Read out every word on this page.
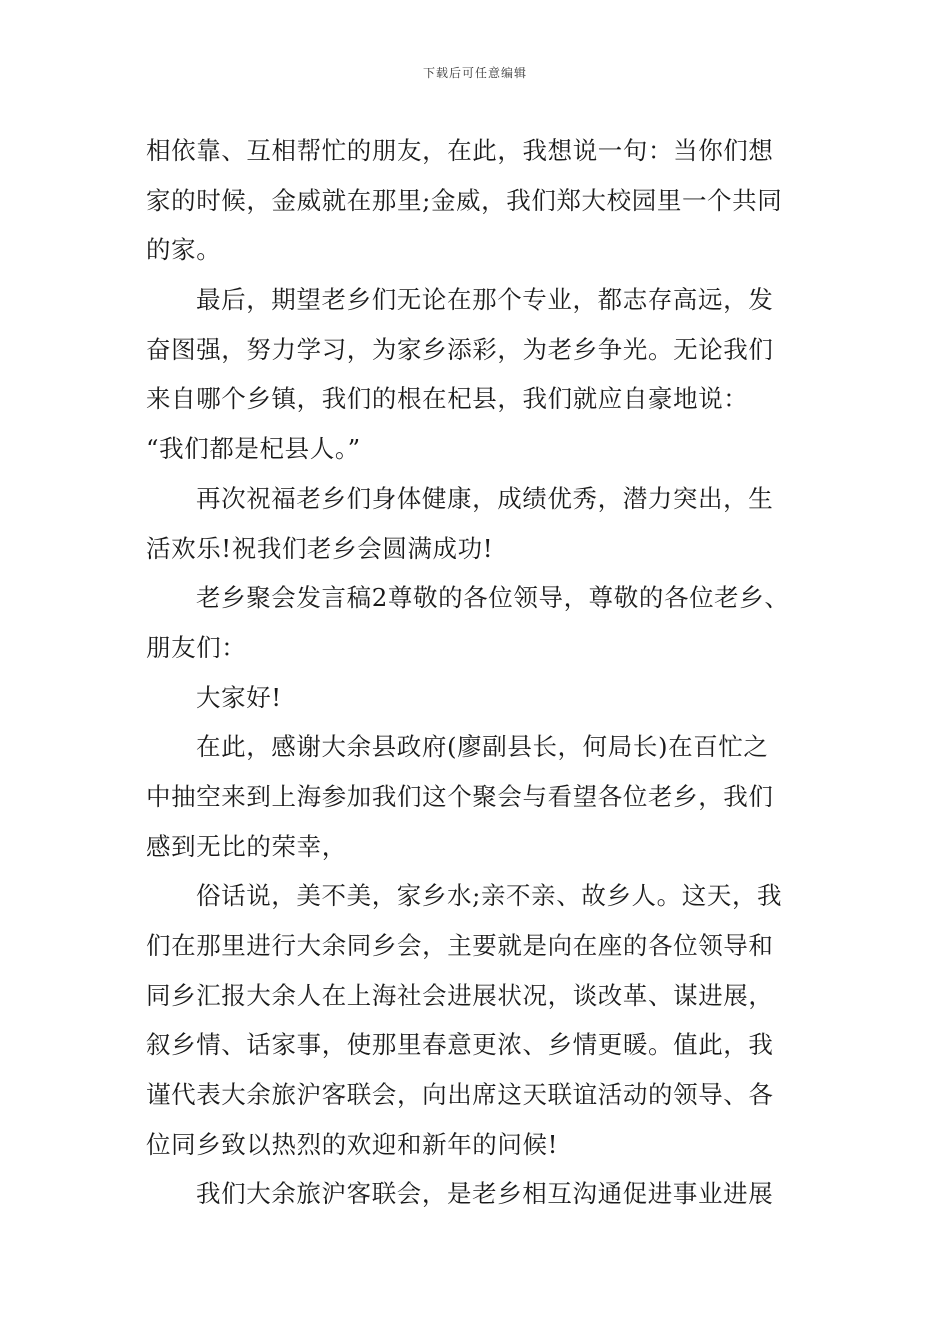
下载后可任意编辑
相依靠、互相帮忙的朋友，在此，我想说一句：当你们想
家的时候，金威就在那里;金威，我们郑大校园里一个共同
的家。
最后，期望老乡们无论在那个专业，都志存高远，发
奋图强，努力学习，为家乡添彩，为老乡争光。无论我们
来自哪个乡镇，我们的根在杞县，我们就应自豪地说：
“我们都是杞县人。”
再次祝福老乡们身体健康，成绩优秀，潜力突出，生
活欢乐!祝我们老乡会圆满成功!
老乡聚会发言稿2尊敬的各位领导，尊敬的各位老乡、
朋友们：
大家好!
在此，感谢大余县政府(廖副县长，何局长)在百忙之
中抽空来到上海参加我们这个聚会与看望各位老乡，我们
感到无比的荣幸，
俗话说，美不美，家乡水;亲不亲、故乡人。这天，我
们在那里进行大余同乡会，主要就是向在座的各位领导和
同乡汇报大余人在上海社会进展状况，谈改革、谋进展，
叙乡情、话家事，使那里春意更浓、乡情更暖。值此，我
谨代表大余旅沪客联会，向出席这天联谊活动的领导、各
位同乡致以热烈的欢迎和新年的问候!
我们大余旅沪客联会，是老乡相互沟通促进事业进展
